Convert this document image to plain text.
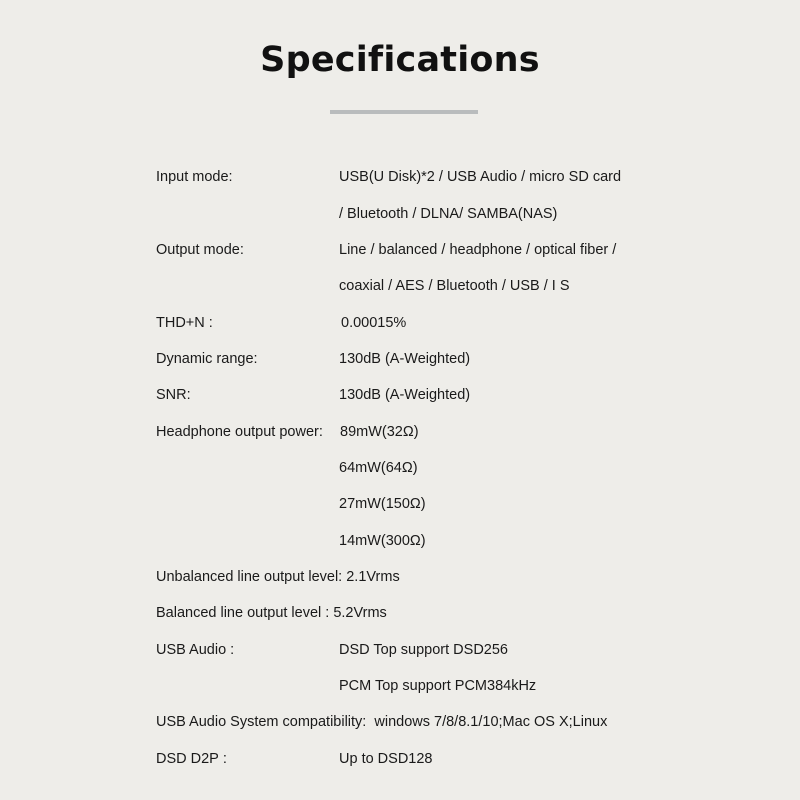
Specifications
Input mode:	USB(U Disk)*2 / USB Audio / micro SD card
/ Bluetooth / DLNA/ SAMBA(NAS)
Output mode:	Line / balanced / headphone / optical fiber /
coaxial / AES / Bluetooth / USB / I S
THD+N :	0.00015%
Dynamic range:	130dB (A-Weighted)
SNR:	130dB (A-Weighted)
Headphone output power: 89mW(32Ω)
64mW(64Ω)
27mW(150Ω)
14mW(300Ω)
Unbalanced line output level: 2.1Vrms
Balanced line output level : 5.2Vrms
USB Audio :	DSD Top support DSD256
PCM Top support PCM384kHz
USB Audio System compatibility:  windows 7/8/8.1/10;Mac OS X;Linux
DSD D2P :	Up to DSD128
